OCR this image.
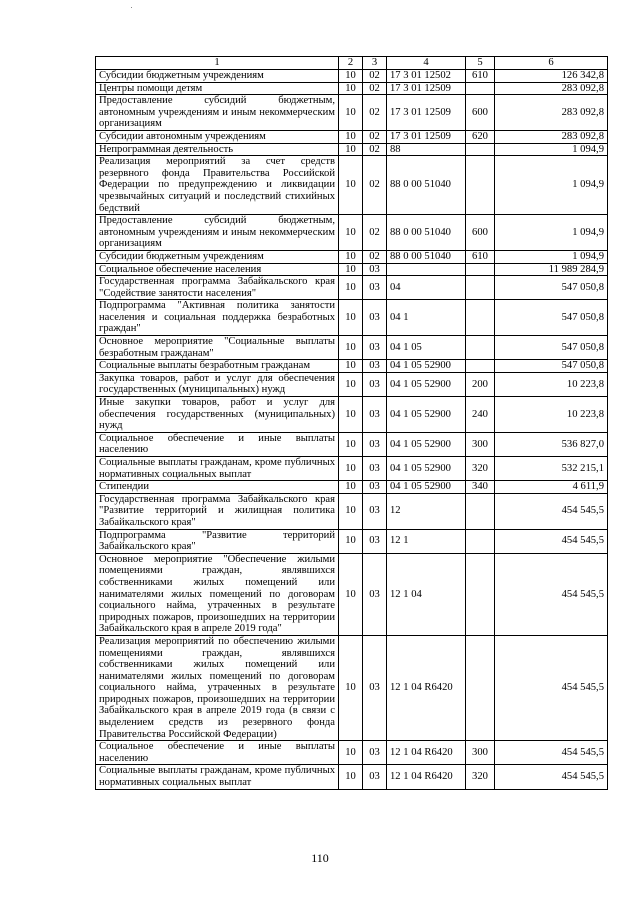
1	2	3	4	5	6
Субсидии бюджетным учреждениям	10	02	17 3 01 12502	610	126 342,8
Центры помощи детям	10	02	17 3 01 12509		283 092,8
Предоставление субсидий бюджетным, автономным учреждениям и иным некоммерческим организациям	10	02	17 3 01 12509	600	283 092,8
Субсидии автономным учреждениям	10	02	17 3 01 12509	620	283 092,8
Непрограммная деятельность	10	02	88		1 094,9
Реализация мероприятий за счет средств резервного фонда Правительства Российской Федерации по предупреждению и ликвидации чрезвычайных ситуаций и последствий стихийных бедствий	10	02	88 0 00 51040		1 094,9
Предоставление субсидий бюджетным, автономным учреждениям и иным некоммерческим организациям	10	02	88 0 00 51040	600	1 094,9
Субсидии бюджетным учреждениям	10	02	88 0 00 51040	610	1 094,9
Социальное обеспечение населения	10	03			11 989 284,9
Государственная программа Забайкальского края "Содействие занятости населения"	10	03	04		547 050,8
Подпрограмма "Активная политика занятости населения и социальная поддержка безработных граждан"	10	03	04 1		547 050,8
Основное мероприятие "Социальные выплаты безработным гражданам"	10	03	04 1 05		547 050,8
Социальные выплаты безработным гражданам	10	03	04 1 05 52900		547 050,8
Закупка товаров, работ и услуг для обеспечения государственных (муниципальных) нужд	10	03	04 1 05 52900	200	10 223,8
Иные закупки товаров, работ и услуг для обеспечения государственных (муниципальных) нужд	10	03	04 1 05 52900	240	10 223,8
Социальное обеспечение и иные выплаты населению	10	03	04 1 05 52900	300	536 827,0
Социальные выплаты гражданам, кроме публичных нормативных социальных выплат	10	03	04 1 05 52900	320	532 215,1
Стипендии	10	03	04 1 05 52900	340	4 611,9
Государственная программа Забайкальского края "Развитие территорий и жилищная политика Забайкальского края"	10	03	12		454 545,5
Подпрограмма "Развитие территорий Забайкальского края"	10	03	12 1		454 545,5
Основное мероприятие "Обеспечение жилыми помещениями граждан, являвшихся собственниками жилых помещений или нанимателями жилых помещений по договорам социального найма, утраченных в результате природных пожаров, произошедших на территории Забайкальского края в апреле 2019 года"	10	03	12 1 04		454 545,5
Реализация мероприятий по обеспечению жилыми помещениями граждан, являвшихся собственниками жилых помещений или нанимателями жилых помещений по договорам социального найма, утраченных в результате природных пожаров, произошедших на территории Забайкальского края в апреле 2019 года (в связи с выделением средств из резервного фонда Правительства Российской Федерации)	10	03	12 1 04 R6420		454 545,5
Социальное обеспечение и иные выплаты населению	10	03	12 1 04 R6420	300	454 545,5
Социальные выплаты гражданам, кроме публичных нормативных социальных выплат	10	03	12 1 04 R6420	320	454 545,5
110
